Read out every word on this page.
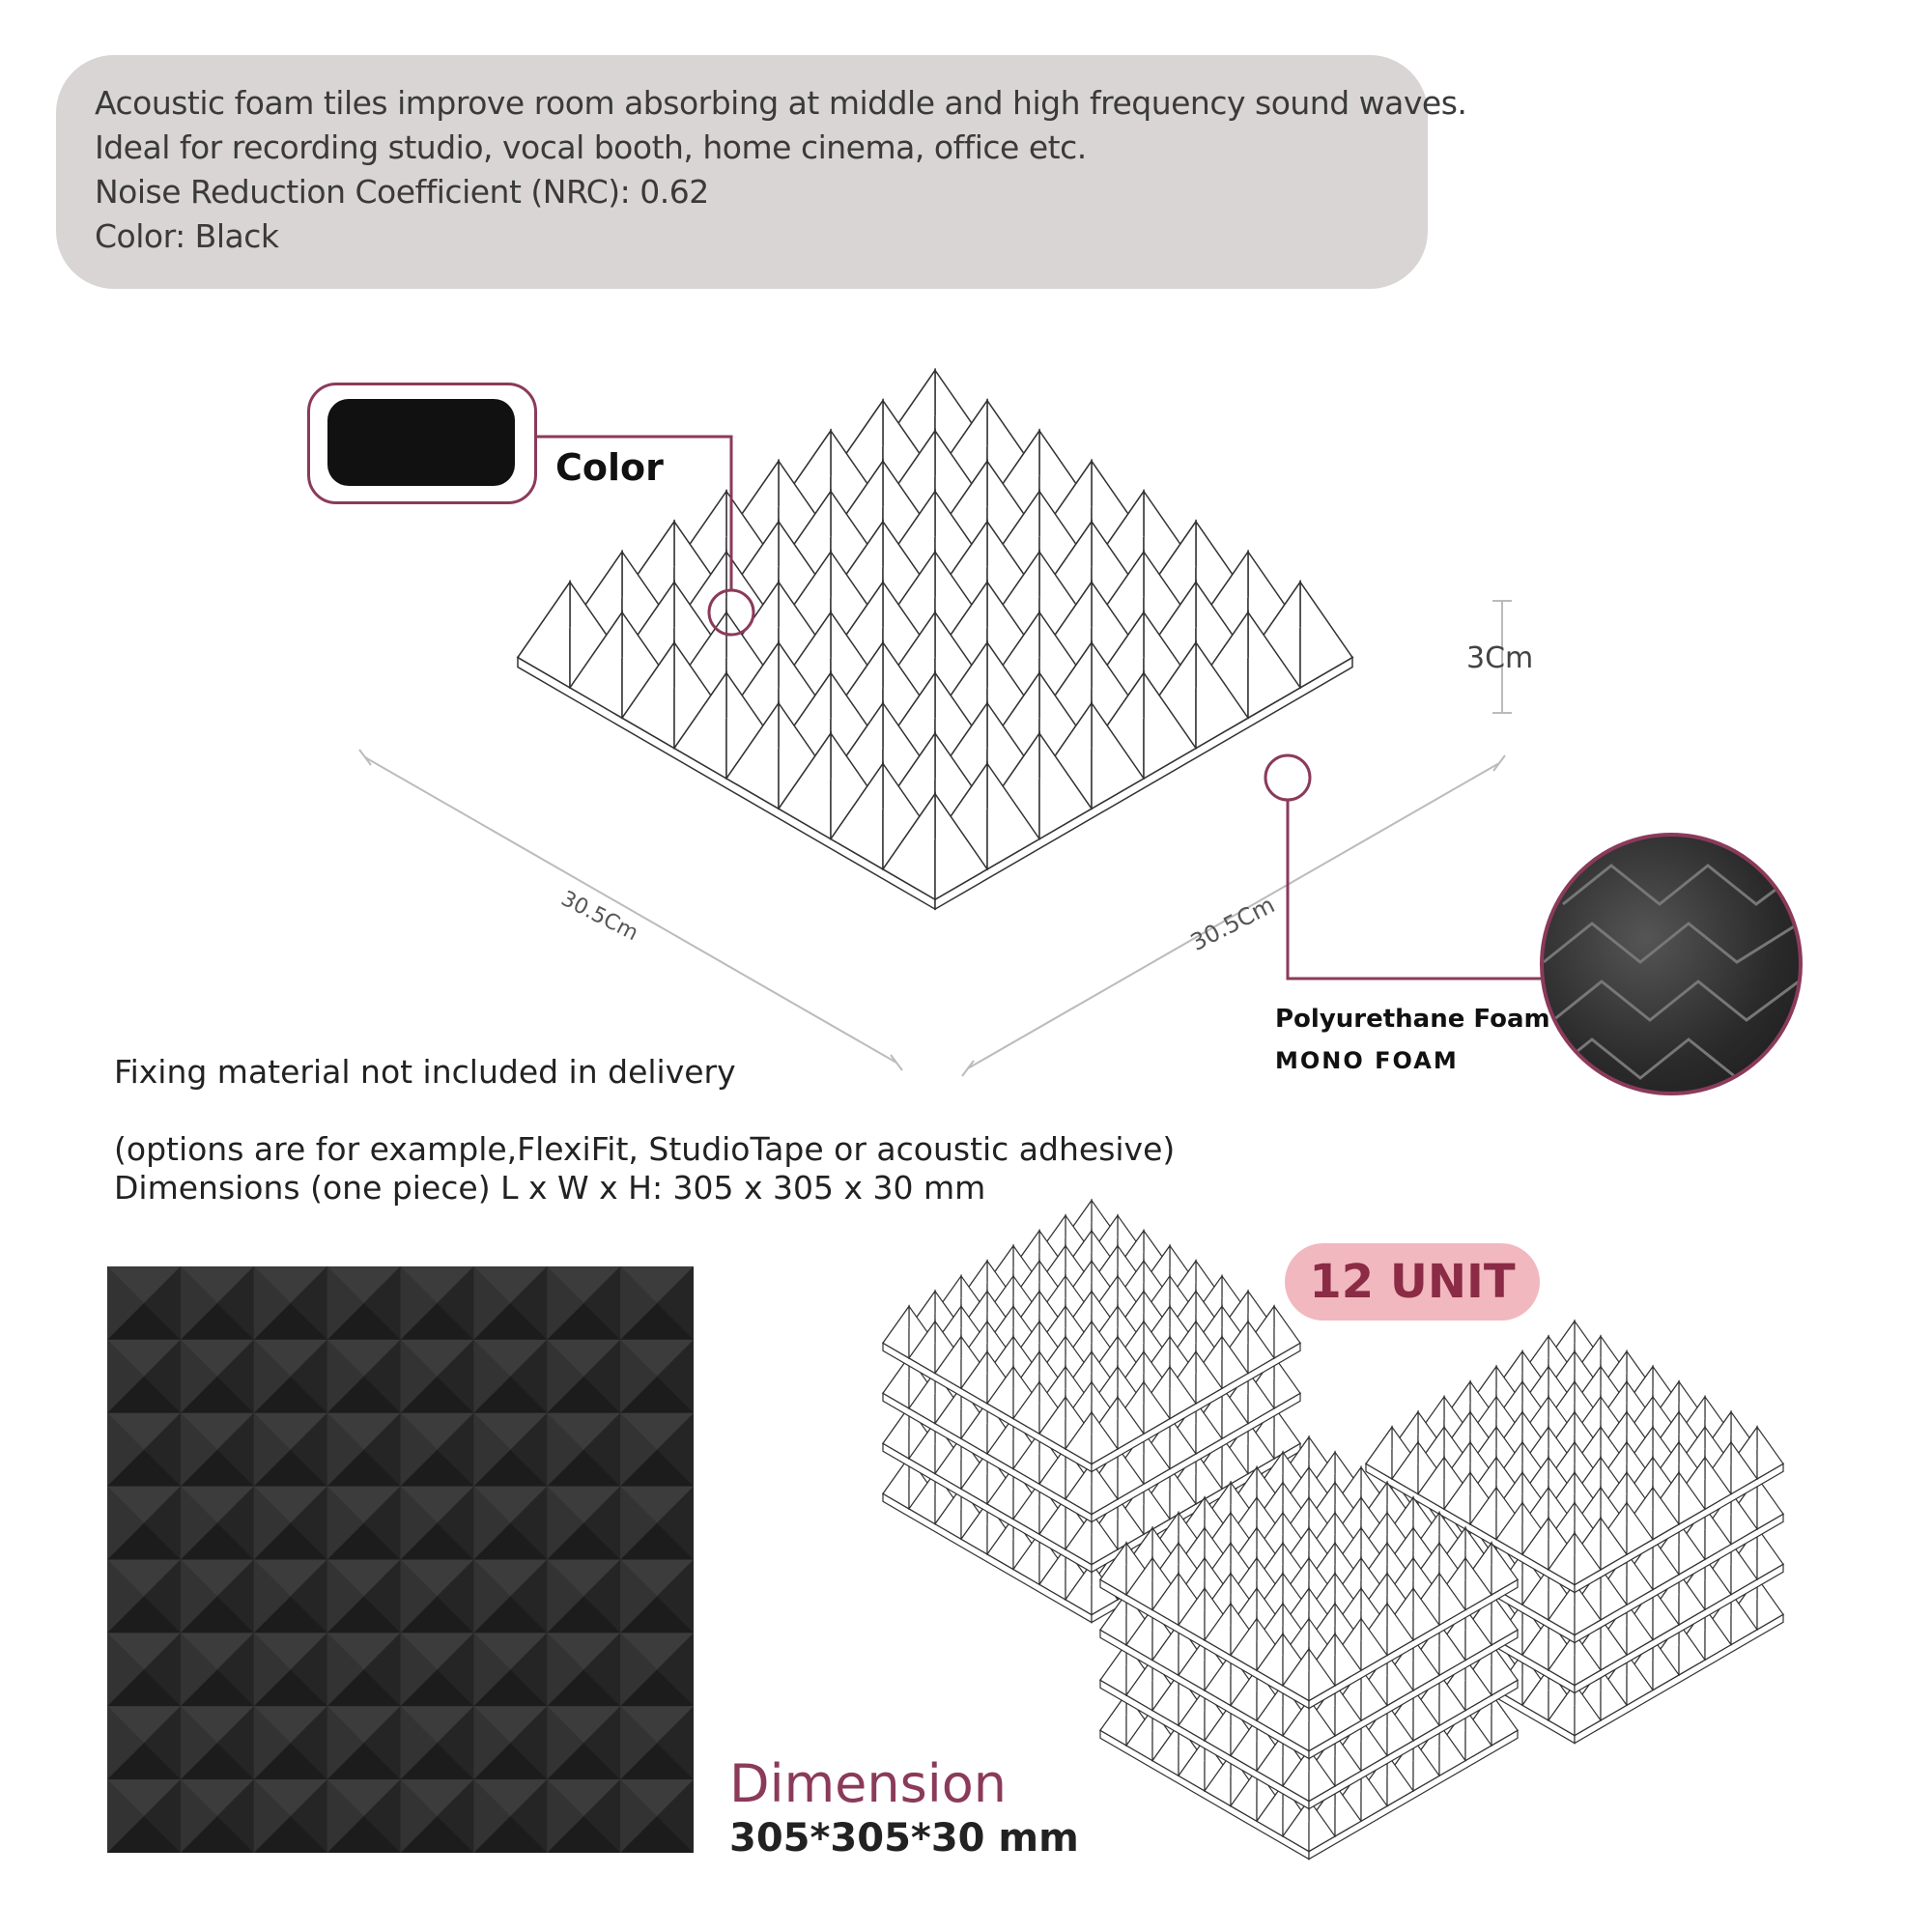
Acoustic foam tiles improve room absorbing at middle and high frequency sound waves.
Ideal for recording studio, vocal booth, home cinema, office etc.
Noise Reduction Coefficient (NRC): 0.62
Color: Black
Color
3Cm
30.5Cm	30.5Cm
Polyurethane Foam
MONO FOAM
Fixing material not included in delivery
(options are for example,FlexiFit, StudioTape or acoustic adhesive)
Dimensions (one piece) L x W x H: 305 x 305 x 30 mm
12 UNIT
Dimension
305*305*30 mm
